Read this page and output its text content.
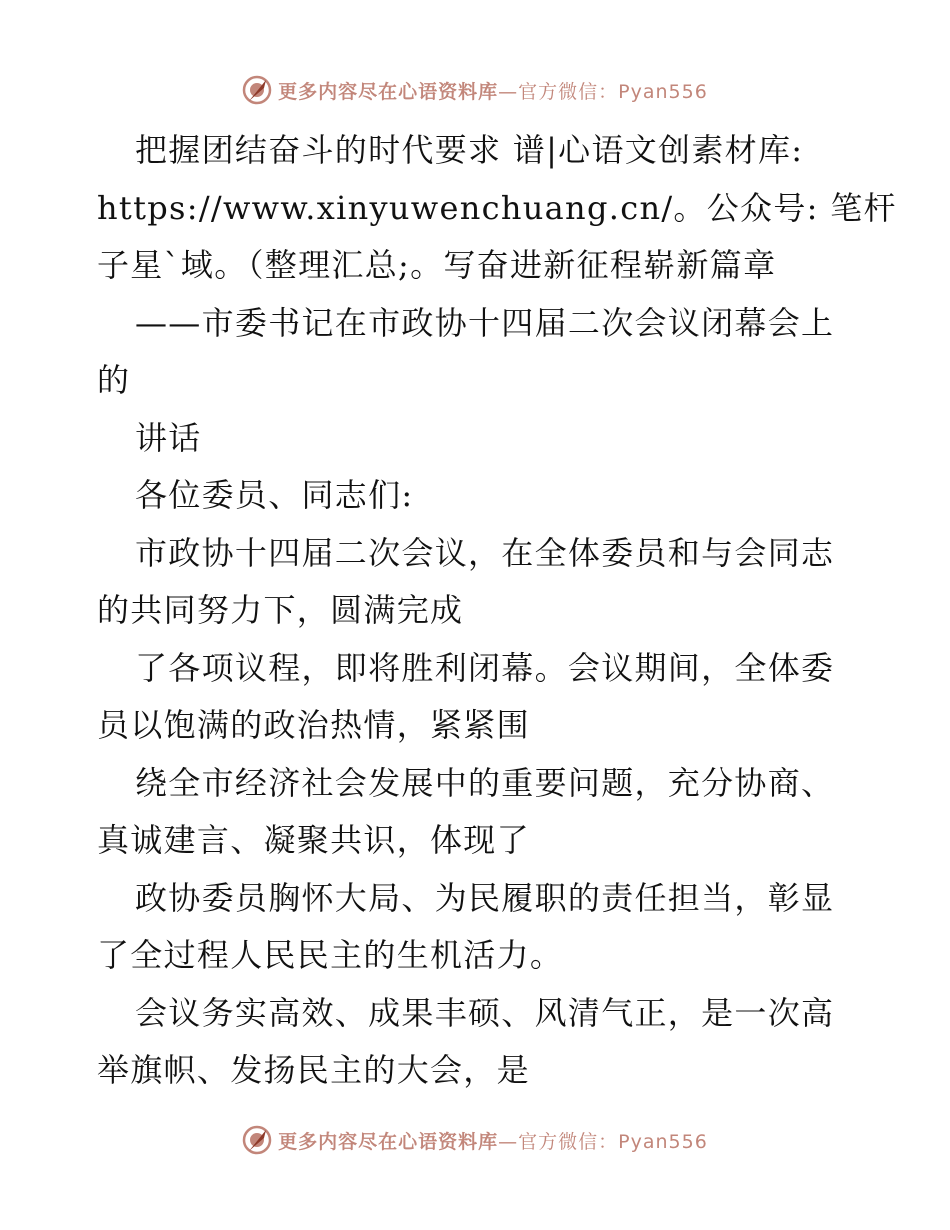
更多内容尽在心语资料库—官方微信：Pyan556
把握团结奋斗的时代要求 谱|心语文创素材库:
https://www.xinyuwenchuang.cn/。公众号: 笔杆
子星`域。（整理汇总;。写奋进新征程崭新篇章
——市委书记在市政协十四届二次会议闭幕会上
的
讲话
各位委员、同志们:
市政协十四届二次会议，在全体委员和与会同志
的共同努力下，圆满完成
了各项议程，即将胜利闭幕。会议期间，全体委
员以饱满的政治热情，紧紧围
绕全市经济社会发展中的重要问题，充分协商、
真诚建言、凝聚共识，体现了
政协委员胸怀大局、为民履职的责任担当，彰显
了全过程人民民主的生机活力。
会议务实高效、成果丰硕、风清气正，是一次高
举旗帜、发扬民主的大会，是
更多内容尽在心语资料库—官方微信：Pyan556
